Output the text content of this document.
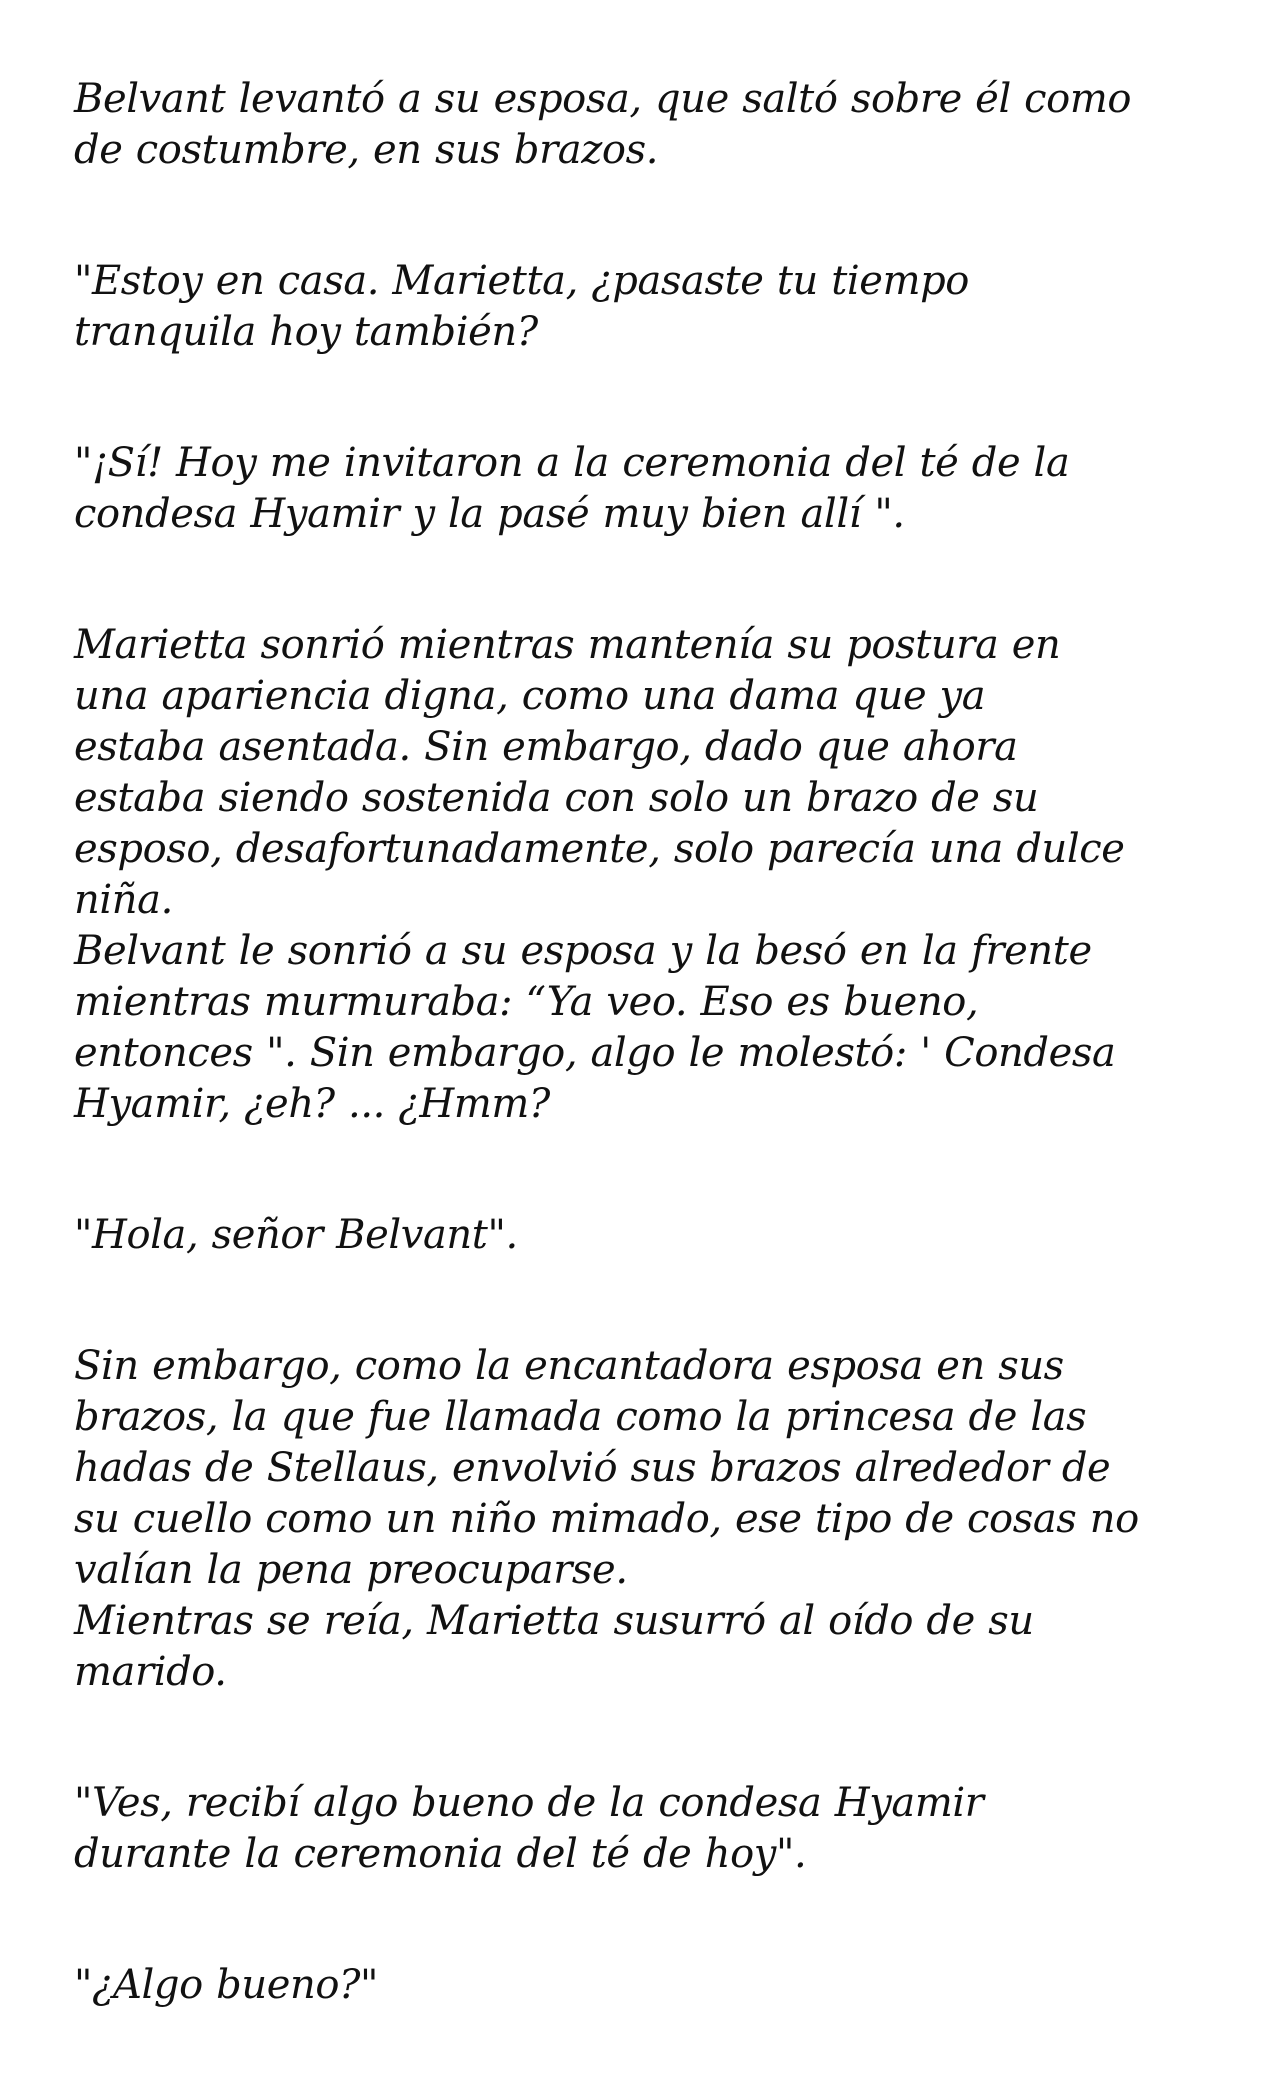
Belvant levantó a su esposa, que saltó sobre él como
de costumbre, en sus brazos.

"Estoy en casa. Marietta, ¿pasaste tu tiempo
tranquila hoy también?

"¡Sí! Hoy me invitaron a la ceremonia del té de la
condesa Hyamir y la pasé muy bien allí ".

Marietta sonrió mientras mantenía su postura en
una apariencia digna, como una dama que ya
estaba asentada. Sin embargo, dado que ahora
estaba siendo sostenida con solo un brazo de su
esposo, desafortunadamente, solo parecía una dulce
niña.

Belvant le sonrió a su esposa y la besó en la frente
mientras murmuraba: “Ya veo. Eso es bueno,
entonces ". Sin embargo, algo le molestó: ' Condesa
Hyamir, ¿eh? ... ¿Hmm?

"Hola, señor Belvant".

Sin embargo, como la encantadora esposa en sus
brazos, la que fue llamada como la princesa de las
hadas de Stellaus, envolvió sus brazos alrededor de
su cuello como un niño mimado, ese tipo de cosas no
valían la pena preocuparse.

Mientras se reía, Marietta susurró al oído de su
marido.

"Ves, recibí algo bueno de la condesa Hyamir
durante la ceremonia del té de hoy".

"¿Algo bueno?"
